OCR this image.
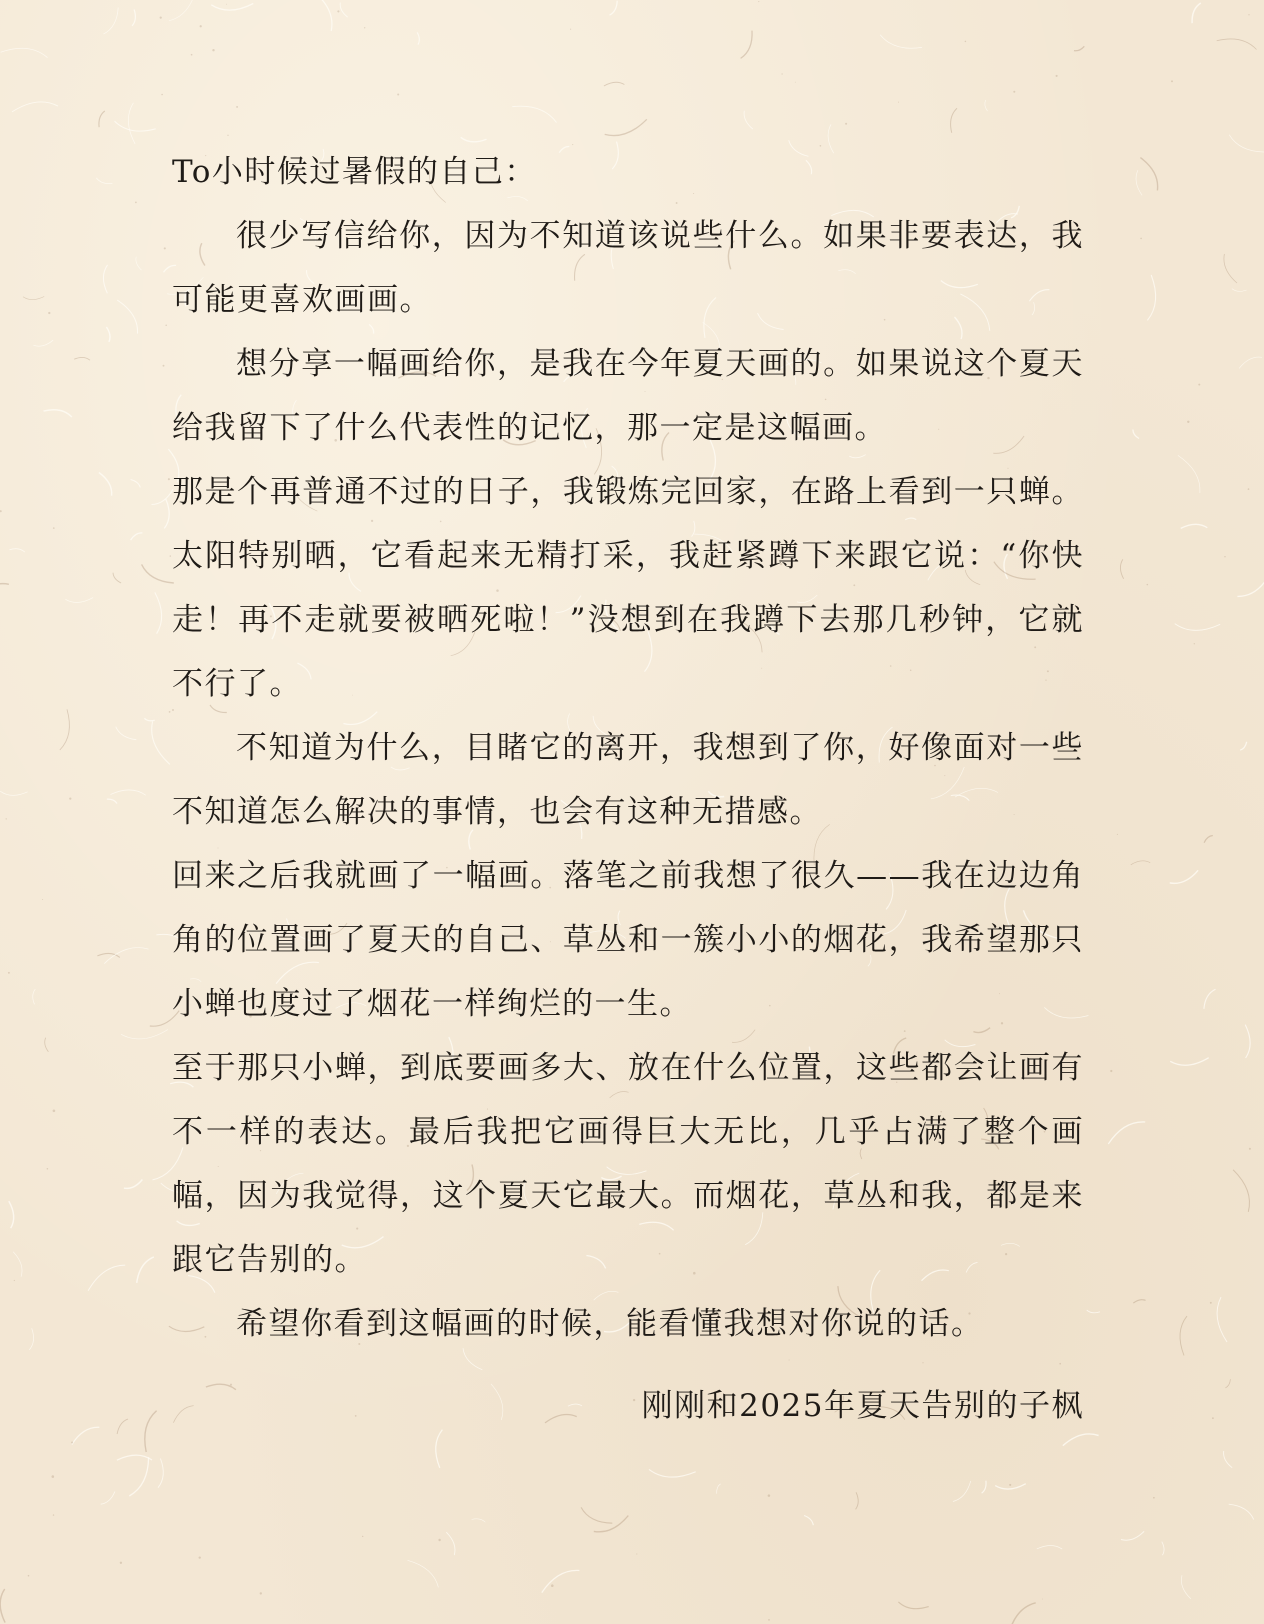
To小时候过暑假的自己：

很少写信给你，因为不知道该说些什么。如果非要表达，我可能更喜欢画画。

想分享一幅画给你，是我在今年夏天画的。如果说这个夏天给我留下了什么代表性的记忆，那一定是这幅画。

那是个再普通不过的日子，我锻炼完回家，在路上看到一只蝉。太阳特别晒，它看起来无精打采，我赶紧蹲下来跟它说：“你快走！再不走就要被晒死啦！”没想到在我蹲下去那几秒钟，它就不行了。

不知道为什么，目睹它的离开，我想到了你，好像面对一些不知道怎么解决的事情，也会有这种无措感。

回来之后我就画了一幅画。落笔之前我想了很久——我在边边角角的位置画了夏天的自己、草丛和一簇小小的烟花，我希望那只小蝉也度过了烟花一样绚烂的一生。

至于那只小蝉，到底要画多大、放在什么位置，这些都会让画有不一样的表达。最后我把它画得巨大无比，几乎占满了整个画幅，因为我觉得，这个夏天它最大。而烟花，草丛和我，都是来跟它告别的。

希望你看到这幅画的时候，能看懂我想对你说的话。

刚刚和2025年夏天告别的子枫
